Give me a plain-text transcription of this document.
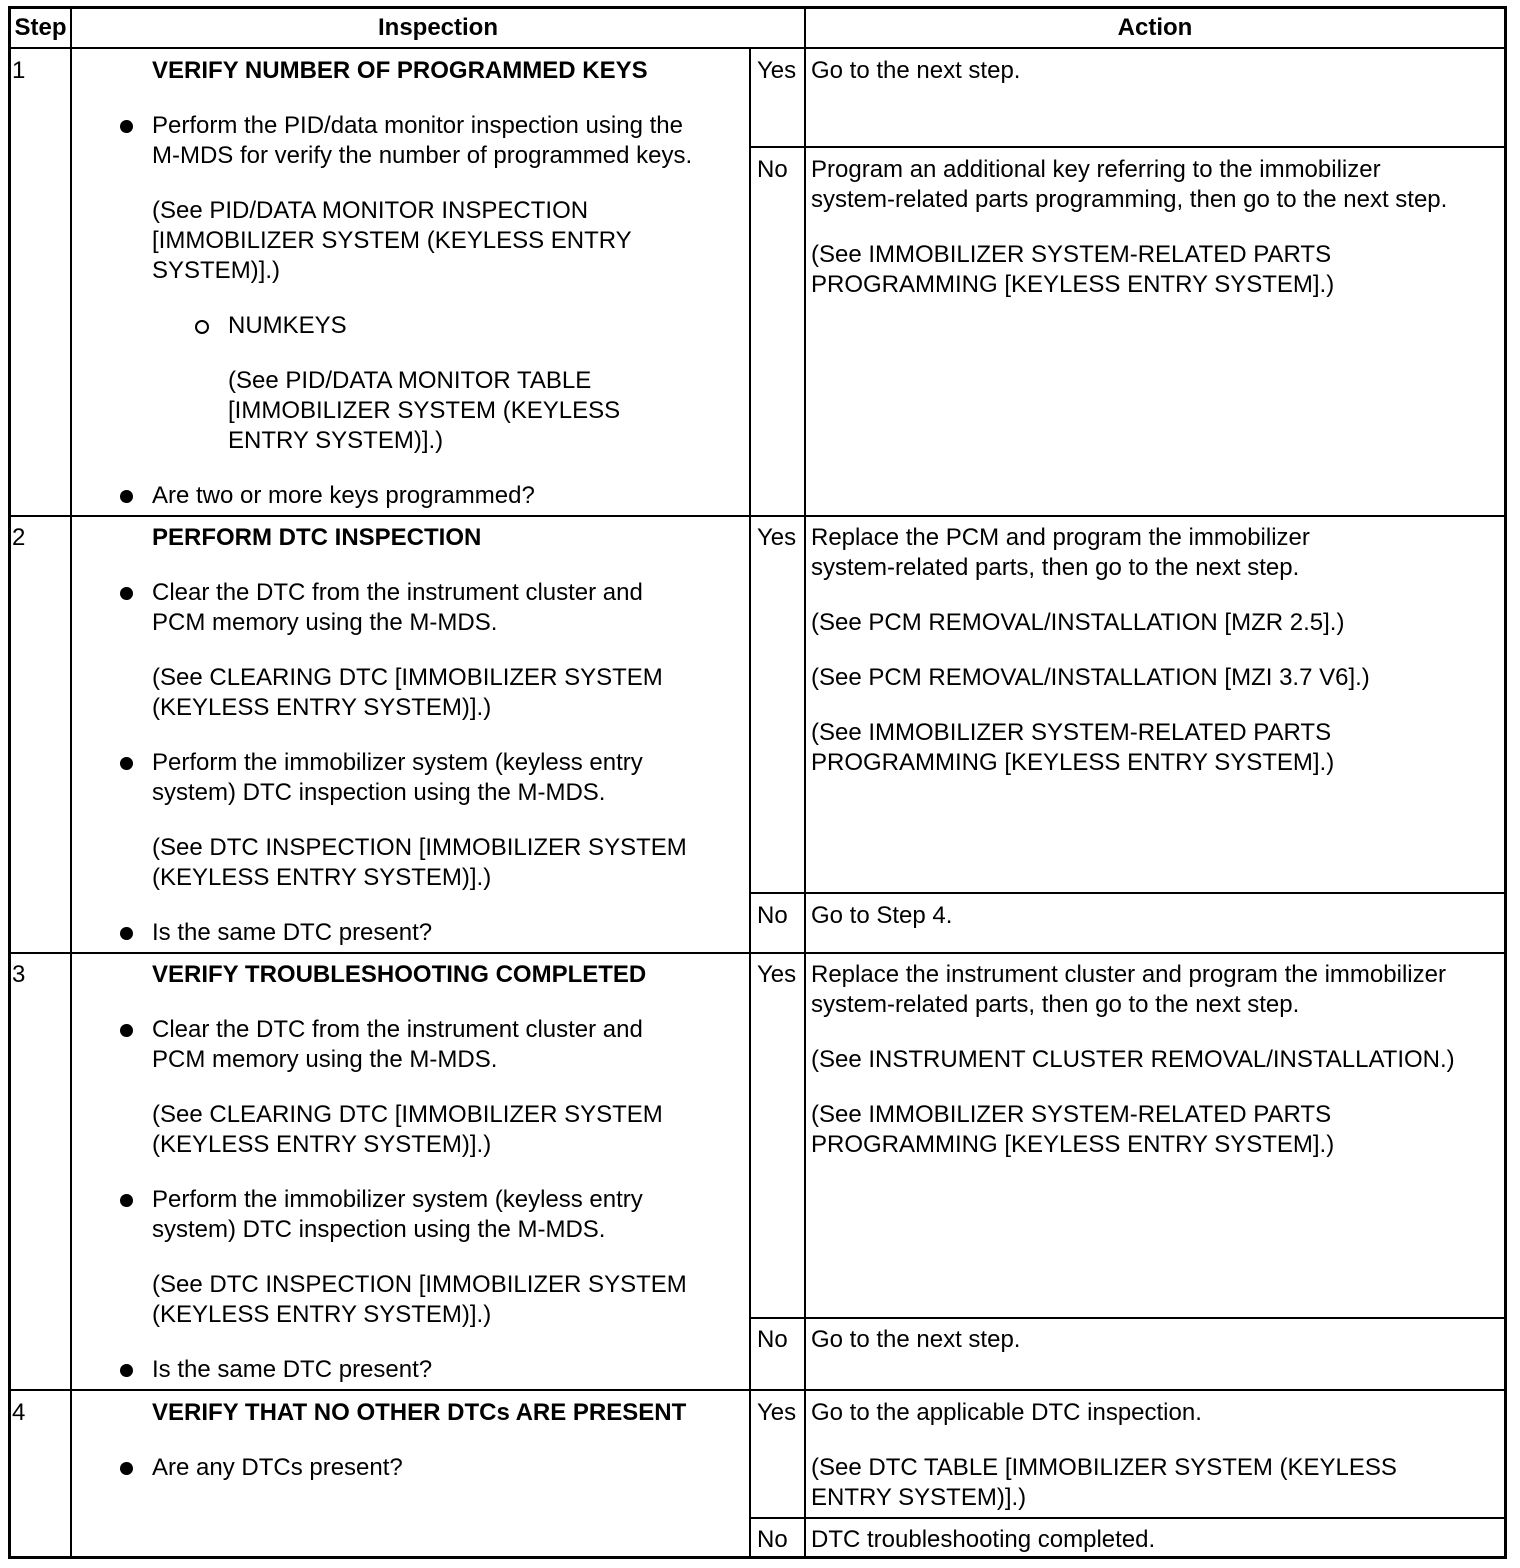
Step	Inspection	Action
1	VERIFY NUMBER OF PROGRAMMED KEYS
Perform the PID/data monitor inspection using the
M-MDS for verify the number of programmed keys.
(See PID/DATA MONITOR INSPECTION
[IMMOBILIZER SYSTEM (KEYLESS ENTRY
SYSTEM)].)
NUMKEYS
(See PID/DATA MONITOR TABLE
[IMMOBILIZER SYSTEM (KEYLESS
ENTRY SYSTEM)].)
Are two or more keys programmed?
Yes Go to the next step.
No Program an additional key referring to the immobilizer
system-related parts programming, then go to the next step.
(See IMMOBILIZER SYSTEM-RELATED PARTS
PROGRAMMING [KEYLESS ENTRY SYSTEM].)
2	PERFORM DTC INSPECTION
Clear the DTC from the instrument cluster and
PCM memory using the M-MDS.
(See CLEARING DTC [IMMOBILIZER SYSTEM
(KEYLESS ENTRY SYSTEM)].)
Perform the immobilizer system (keyless entry
system) DTC inspection using the M-MDS.
(See DTC INSPECTION [IMMOBILIZER SYSTEM
(KEYLESS ENTRY SYSTEM)].)
Is the same DTC present?
Yes Replace the PCM and program the immobilizer
system-related parts, then go to the next step.
(See PCM REMOVAL/INSTALLATION [MZR 2.5].)
(See PCM REMOVAL/INSTALLATION [MZI 3.7 V6].)
(See IMMOBILIZER SYSTEM-RELATED PARTS
PROGRAMMING [KEYLESS ENTRY SYSTEM].)
No Go to Step 4.
3	VERIFY TROUBLESHOOTING COMPLETED
Clear the DTC from the instrument cluster and
PCM memory using the M-MDS.
(See CLEARING DTC [IMMOBILIZER SYSTEM
(KEYLESS ENTRY SYSTEM)].)
Perform the immobilizer system (keyless entry
system) DTC inspection using the M-MDS.
(See DTC INSPECTION [IMMOBILIZER SYSTEM
(KEYLESS ENTRY SYSTEM)].)
Is the same DTC present?
Yes Replace the instrument cluster and program the immobilizer
system-related parts, then go to the next step.
(See INSTRUMENT CLUSTER REMOVAL/INSTALLATION.)
(See IMMOBILIZER SYSTEM-RELATED PARTS
PROGRAMMING [KEYLESS ENTRY SYSTEM].)
No Go to the next step.
4	VERIFY THAT NO OTHER DTCs ARE PRESENT
Are any DTCs present?
Yes Go to the applicable DTC inspection.
(See DTC TABLE [IMMOBILIZER SYSTEM (KEYLESS
ENTRY SYSTEM)].)
No DTC troubleshooting completed.
